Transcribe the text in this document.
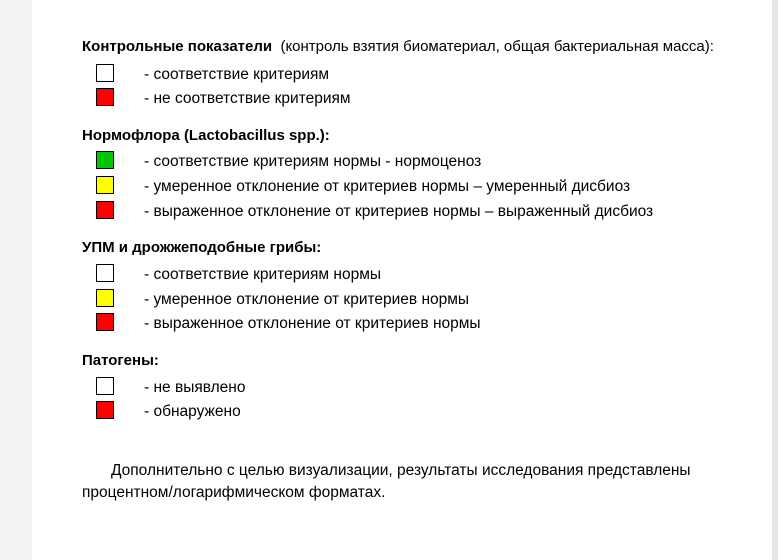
Контрольные показатели (контроль взятия биоматериал, общая бактериальная масса):
- соответствие критериям
- не соответствие критериям
Нормофлора (Lactobacillus spp.):
- соответствие критериям нормы - нормоценоз
- умеренное отклонение от критериев нормы – умеренный дисбиоз
- выраженное отклонение от критериев нормы – выраженный дисбиоз
УПМ и дрожжеподобные грибы:
- соответствие критериям нормы
- умеренное отклонение от критериев нормы
- выраженное отклонение от критериев нормы
Патогены:
- не выявлено
- обнаружено
Дополнительно с целью визуализации, результаты исследования представлены
процентном/логарифмическом форматах.
